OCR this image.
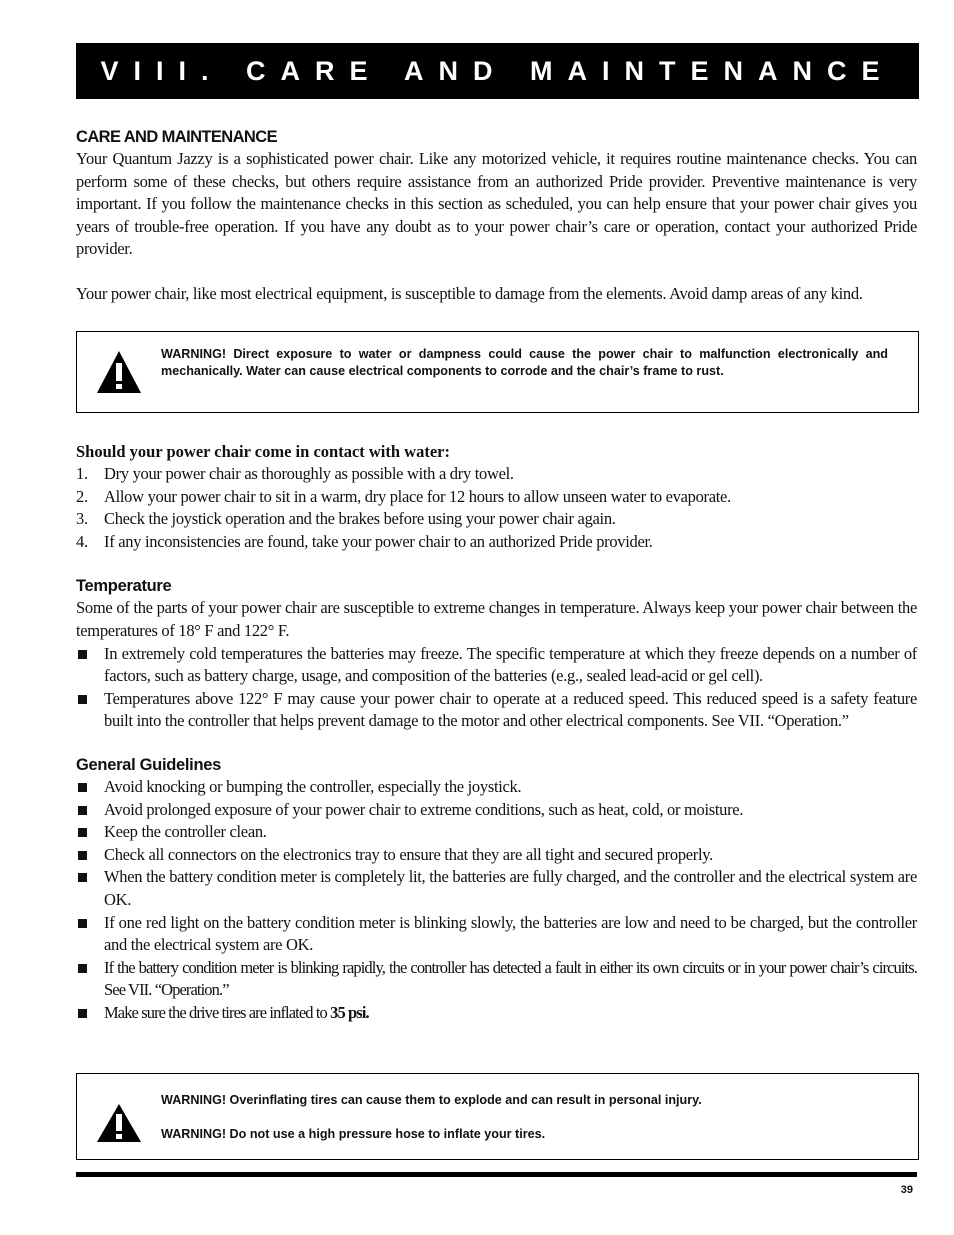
VIII. CARE AND MAINTENANCE
CARE AND MAINTENANCE

Your Quantum Jazzy is a sophisticated power chair. Like any motorized vehicle, it requires routine maintenance checks. You can perform some of these checks, but others require assistance from an authorized Pride provider. Preventive maintenance is very important. If you follow the maintenance checks in this section as scheduled, you can help ensure that your power chair gives you years of trouble-free operation. If you have any doubt as to your power chair’s care or operation, contact your authorized Pride provider.

Your power chair, like most electrical equipment, is susceptible to damage from the elements. Avoid damp areas of any kind.

WARNING! Direct exposure to water or dampness could cause the power chair to malfunction electronically and mechanically. Water can cause electrical components to corrode and the chair’s frame to rust.
Should your power chair come in contact with water:
1. Dry your power chair as thoroughly as possible with a dry towel.
2. Allow your power chair to sit in a warm, dry place for 12 hours to allow unseen water to evaporate.
3. Check the joystick operation and the brakes before using your power chair again.
4. If any inconsistencies are found, take your power chair to an authorized Pride provider.
Temperature

Some of the parts of your power chair are susceptible to extreme changes in temperature. Always keep your power chair between the temperatures of 18° F and 122° F.

In extremely cold temperatures the batteries may freeze. The specific temperature at which they freeze depends on a number of factors, such as battery charge, usage, and composition of the batteries (e.g., sealed lead-acid or gel cell).
Temperatures above 122° F may cause your power chair to operate at a reduced speed. This reduced speed is a safety feature built into the controller that helps prevent damage to the motor and other electrical components. See VII. “Operation.”
General Guidelines
Avoid knocking or bumping the controller, especially the joystick.
Avoid prolonged exposure of your power chair to extreme conditions, such as heat, cold, or moisture.
Keep the controller clean.
Check all connectors on the electronics tray to ensure that they are all tight and secured properly.
When the battery condition meter is completely lit, the batteries are fully charged, and the controller and the electrical system are OK.
If one red light on the battery condition meter is blinking slowly, the batteries are low and need to be charged, but the controller and the electrical system are OK.
If the battery condition meter is blinking rapidly, the controller has detected a fault in either its own circuits or in your power chair’s circuits. See VII. “Operation.”
Make sure the drive tires are inflated to 35 psi.
WARNING! Overinflating tires can cause them to explode and can result in personal injury.
WARNING! Do not use a high pressure hose to inflate your tires.
39
